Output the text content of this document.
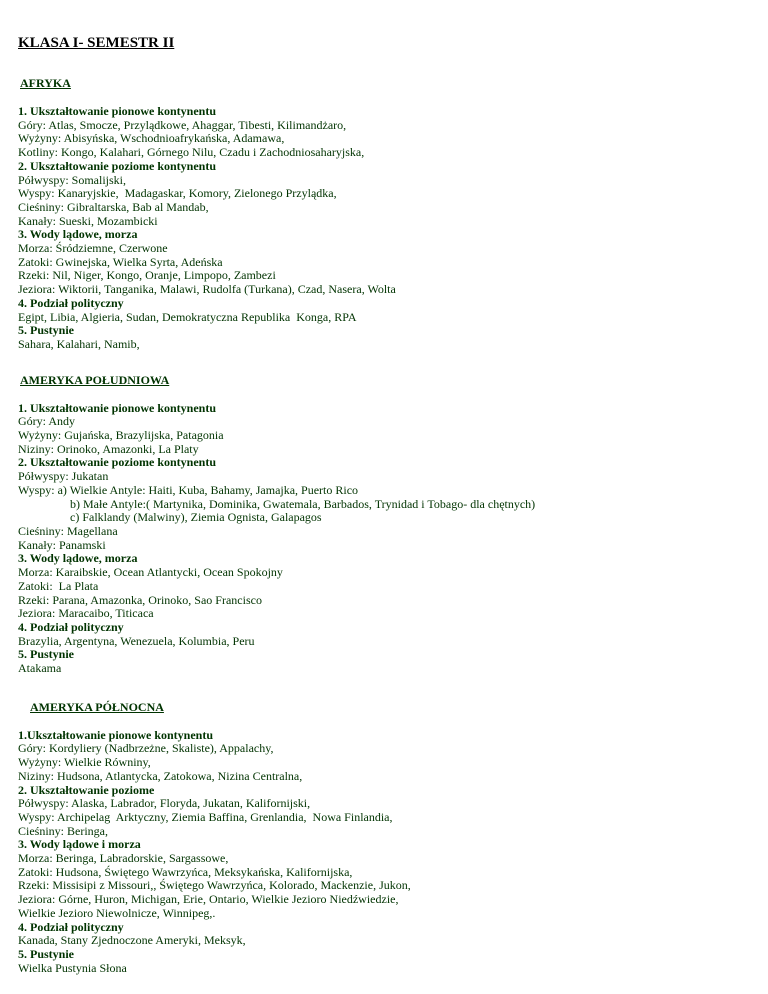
KLASA I- SEMESTR II
AFRYKA
1. Ukształtowanie pionowe kontynentu
Góry: Atlas, Smocze, Przylądkowe, Ahaggar, Tibesti, Kilimandżaro,
Wyżyny: Abisyńska, Wschodnioafrykańska, Adamawa,
Kotliny: Kongo, Kalahari, Górnego Nilu, Czadu i Zachodniosaharyjska,
2. Ukształtowanie poziome kontynentu
Półwyspy: Somalijski,
Wyspy: Kanaryjskie,  Madagaskar, Komory, Zielonego Przylądka,
Cieśniny: Gibraltarska, Bab al Mandab,
Kanały: Sueski, Mozambicki
3. Wody lądowe, morza
Morza: Śródziemne, Czerwone
Zatoki: Gwinejska, Wielka Syrta, Adeńska
Rzeki: Nil, Niger, Kongo, Oranje, Limpopo, Zambezi
Jeziora: Wiktorii, Tanganika, Malawi, Rudolfa (Turkana), Czad, Nasera, Wolta
4. Podział polityczny
Egipt, Libia, Algieria, Sudan, Demokratyczna Republika  Konga, RPA
5. Pustynie
Sahara, Kalahari, Namib,
AMERYKA POŁUDNIOWA
1. Ukształtowanie pionowe kontynentu
Góry: Andy
Wyżyny: Gujańska, Brazylijska, Patagonia
Niziny: Orinoko, Amazonki, La Platy
2. Ukształtowanie poziome kontynentu
Półwyspy: Jukatan
Wyspy: a) Wielkie Antyle: Haiti, Kuba, Bahamy, Jamajka, Puerto Rico
b) Małe Antyle:( Martynika, Dominika, Gwatemala, Barbados, Trynidad i Tobago- dla chętnych)
c) Falklandy (Malwiny), Ziemia Ognista, Galapagos
Cieśniny: Magellana
Kanały: Panamski
3. Wody lądowe, morza
Morza: Karaibskie, Ocean Atlantycki, Ocean Spokojny
Zatoki:  La Plata
Rzeki: Parana, Amazonka, Orinoko, Sao Francisco
Jeziora: Maracaibo, Titicaca
4. Podział polityczny
Brazylia, Argentyna, Wenezuela, Kolumbia, Peru
5. Pustynie
Atakama
AMERYKA PÓŁNOCNA
1.Ukształtowanie pionowe kontynentu
Góry: Kordyliery (Nadbrzeżne, Skaliste), Appalachy,
Wyżyny: Wielkie Równiny,
Niziny: Hudsona, Atlantycka, Zatokowa, Nizina Centralna,
2. Ukształtowanie poziome
Półwyspy: Alaska, Labrador, Floryda, Jukatan, Kalifornijski,
Wyspy: Archipelag  Arktyczny, Ziemia Baffina, Grenlandia,  Nowa Finlandia,
Cieśniny: Beringa,
3. Wody lądowe i morza
Morza: Beringa, Labradorskie, Sargassowe,
Zatoki: Hudsona, Świętego Wawrzyńca, Meksykańska, Kalifornijska,
Rzeki: Missisipi z Missouri,, Świętego Wawrzyńca, Kolorado, Mackenzie, Jukon,
Jeziora: Górne, Huron, Michigan, Erie, Ontario, Wielkie Jezioro Niedźwiedzie,
Wielkie Jezioro Niewolnicze, Winnipeg,.
4. Podział polityczny
Kanada, Stany Zjednoczone Ameryki, Meksyk,
5. Pustynie
Wielka Pustynia Słona
